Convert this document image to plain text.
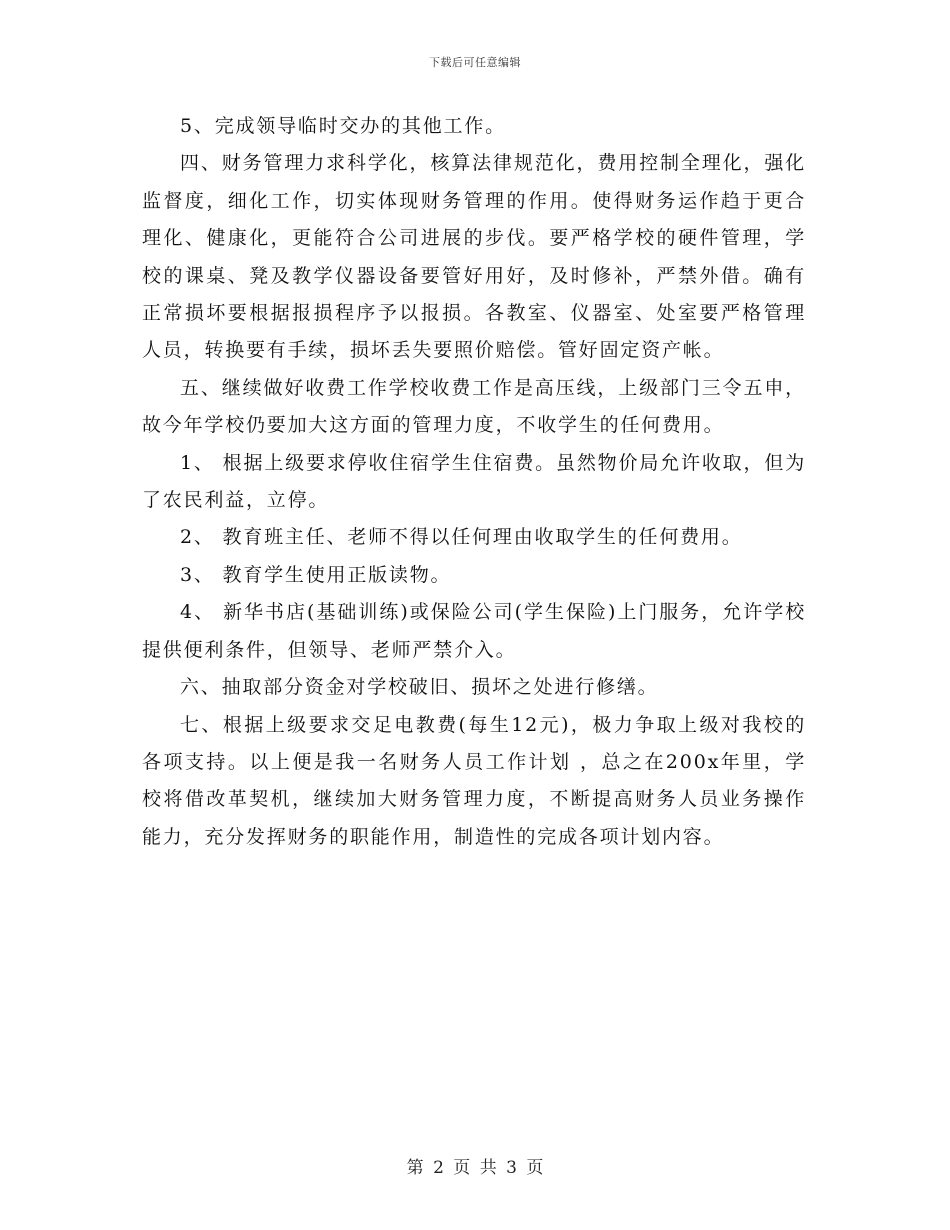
下载后可任意编辑

5、完成领导临时交办的其他工作。

四、财务管理力求科学化，核算法律规范化，费用控制全理化，强化监督度，细化工作，切实体现财务管理的作用。使得财务运作趋于更合理化、健康化，更能符合公司进展的步伐。要严格学校的硬件管理，学校的课桌、凳及教学仪器设备要管好用好，及时修补，严禁外借。确有正常损坏要根据报损程序予以报损。各教室、仪器室、处室要严格管理人员，转换要有手续，损坏丢失要照价赔偿。管好固定资产帐。

五、继续做好收费工作学校收费工作是高压线，上级部门三令五申，故今年学校仍要加大这方面的管理力度，不收学生的任何费用。

1、 根据上级要求停收住宿学生住宿费。虽然物价局允许收取，但为了农民利益，立停。

2、 教育班主任、老师不得以任何理由收取学生的任何费用。

3、 教育学生使用正版读物。

4、 新华书店(基础训练)或保险公司(学生保险)上门服务，允许学校提供便利条件，但领导、老师严禁介入。

六、抽取部分资金对学校破旧、损坏之处进行修缮。

七、根据上级要求交足电教费(每生12元)，极力争取上级对我校的各项支持。以上便是我一名财务人员工作计划 ，总之在200x年里，学校将借改革契机，继续加大财务管理力度，不断提高财务人员业务操作能力，充分发挥财务的职能作用，制造性的完成各项计划内容。

第 2 页 共 3 页
